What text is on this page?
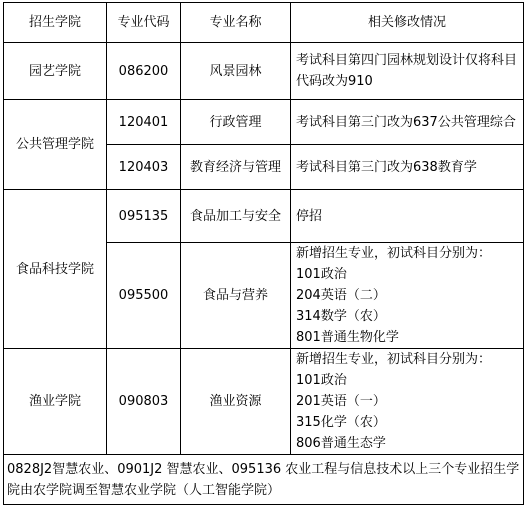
招生学院	专业代码	专业名称	相关修改情况
园艺学院	086200	风景园林	考试科目第四门园林规划设计仅将科目代码改为910
公共管理学院	120401	行政管理	考试科目第三门改为637公共管理综合
	120403	教育经济与管理	考试科目第三门改为638教育学
食品科技学院	095135	食品加工与安全	停招
	095500	食品与营养	新增招生专业，初试科目分别为：
101政治
204英语（二）
314数学（农）
801普通生物化学

渔业学院	090803	渔业资源	新增招生专业，初试科目分别为：
101政治
201英语（一）
315化学（农）
806普通生态学

0828J2智慧农业、0901J2 智慧农业、095136 农业工程与信息技术以上三个专业招生学院由农学院调至智慧农业学院（人工智能学院）			
